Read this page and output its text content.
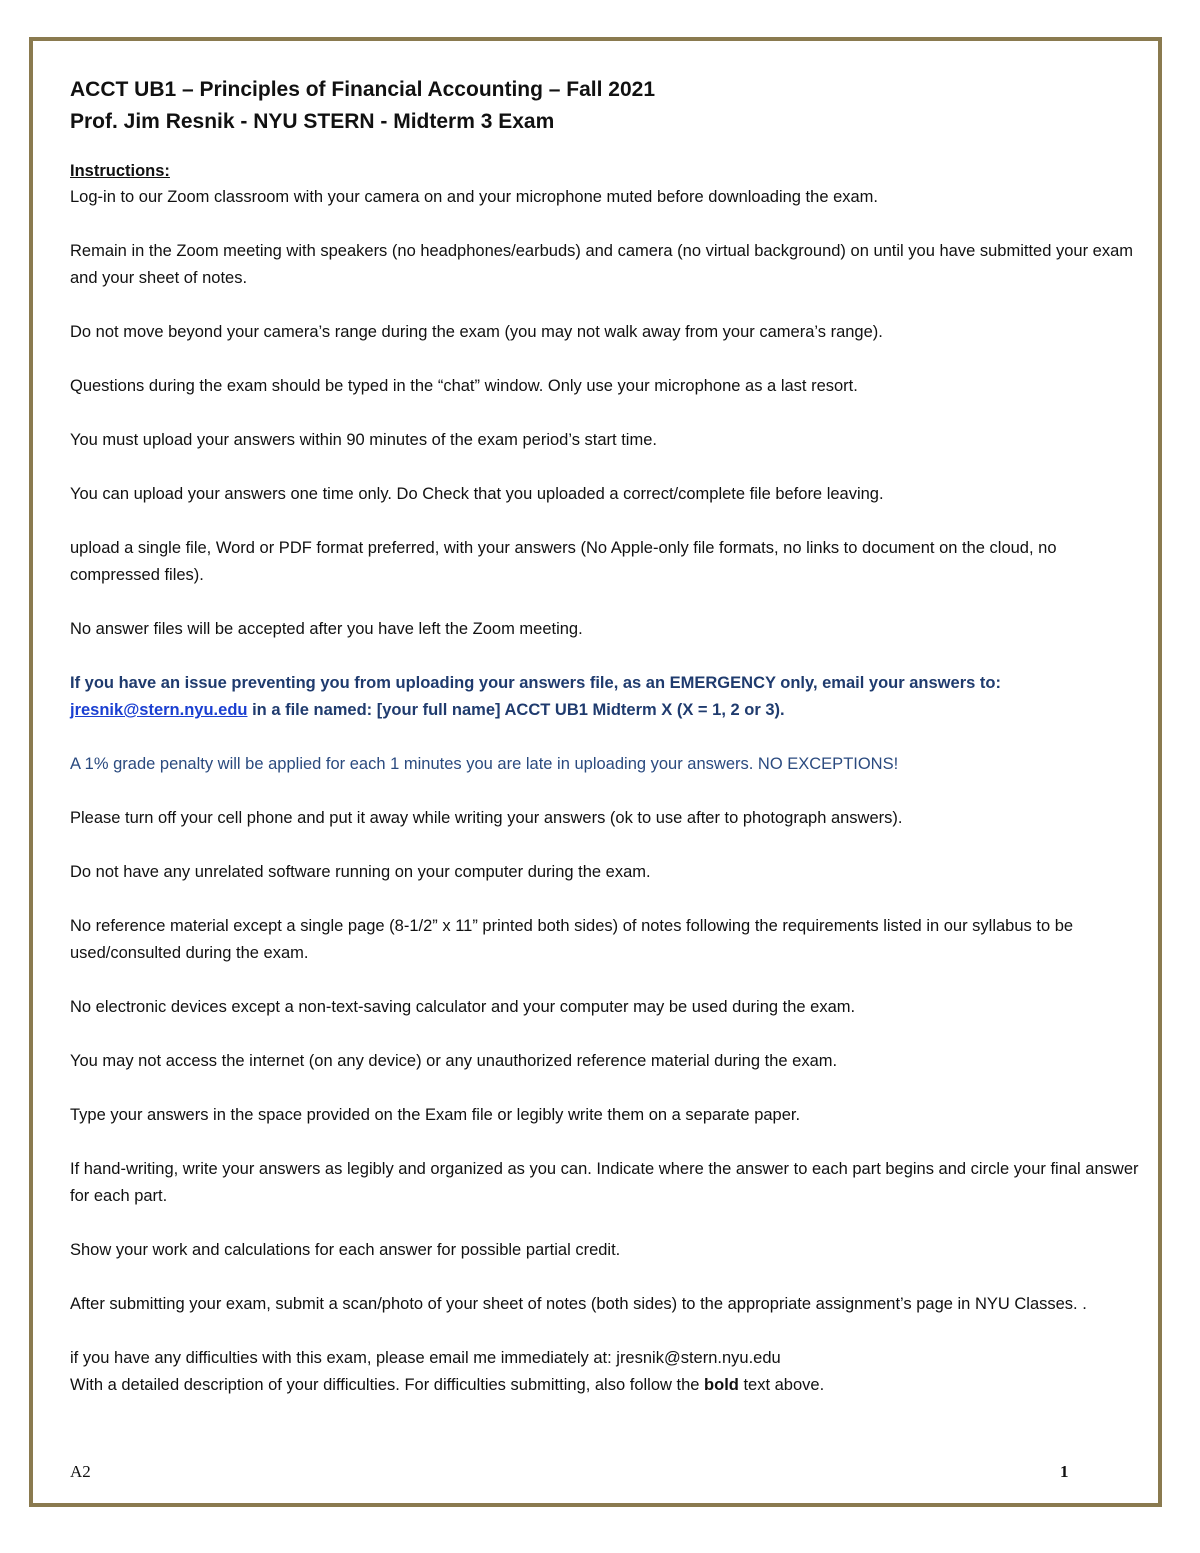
ACCT UB1 – Principles of Financial Accounting – Fall 2021

Prof. Jim Resnik - NYU STERN - Midterm 3 Exam

Instructions:

Log-in to our Zoom classroom with your camera on and your microphone muted before downloading the exam.

Remain in the Zoom meeting with speakers (no headphones/earbuds) and camera (no virtual background) on until you have submitted your exam and your sheet of notes.

Do not move beyond your camera’s range during the exam (you may not walk away from your camera’s range).

Questions during the exam should be typed in the “chat” window. Only use your microphone as a last resort.

You must upload your answers within 90 minutes of the exam period’s start time.

You can upload your answers one time only. Do Check that you uploaded a correct/complete file before leaving.

upload a single file, Word or PDF format preferred, with your answers (No Apple-only file formats, no links to document on the cloud, no compressed files).

No answer files will be accepted after you have left the Zoom meeting.

If you have an issue preventing you from uploading your answers file, as an EMERGENCY only, email your answers to: jresnik@stern.nyu.edu in a file named: [your full name] ACCT UB1 Midterm X (X = 1, 2 or 3).

A 1% grade penalty will be applied for each 1 minutes you are late in uploading your answers. NO EXCEPTIONS!

Please turn off your cell phone and put it away while writing your answers (ok to use after to photograph answers).

Do not have any unrelated software running on your computer during the exam.

No reference material except a single page (8-1/2” x 11” printed both sides) of notes following the requirements listed in our syllabus to be used/consulted during the exam.

No electronic devices except a non-text-saving calculator and your computer may be used during the exam.

You may not access the internet (on any device) or any unauthorized reference material during the exam.

Type your answers in the space provided on the Exam file or legibly write them on a separate paper.

If hand-writing, write your answers as legibly and organized as you can. Indicate where the answer to each part begins and circle your final answer for each part.

Show your work and calculations for each answer for possible partial credit.

After submitting your exam, submit a scan/photo of your sheet of notes (both sides) to the appropriate assignment’s page in NYU Classes. .

if you have any difficulties with this exam, please email me immediately at: jresnik@stern.nyu.edu

With a detailed description of your difficulties. For difficulties submitting, also follow the bold text above.

A2	1
